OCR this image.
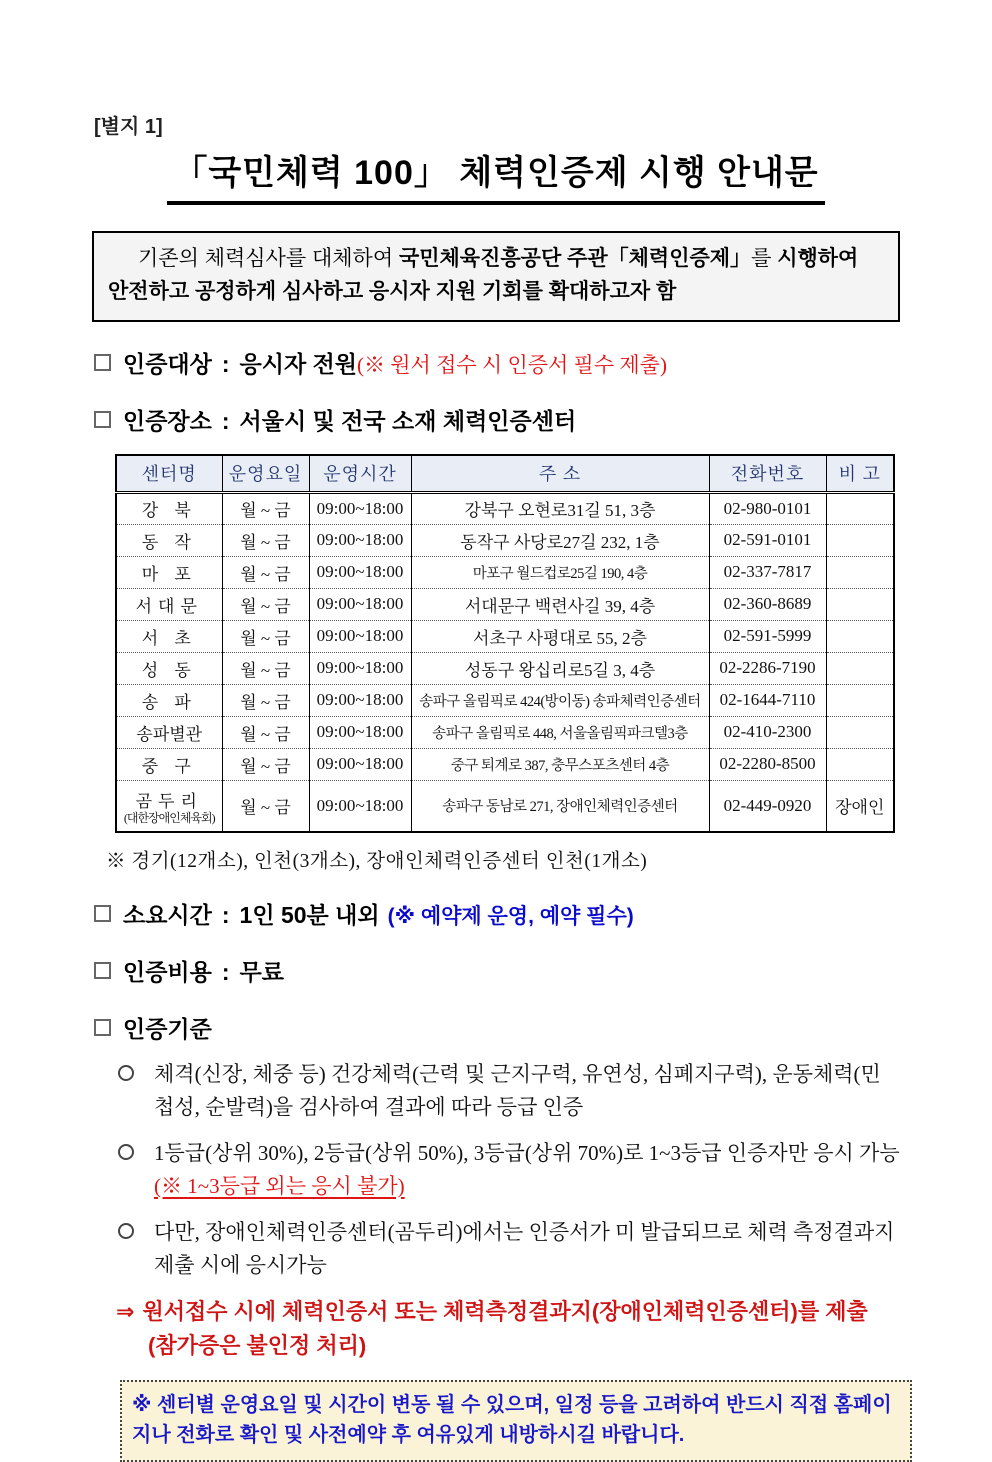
[별지 1]
「국민체력 100」 체력인증제 시행 안내문
기존의 체력심사를 대체하여 국민체육진흥공단 주관「체력인증제」를 시행하여 안전하고 공정하게 심사하고 응시자 지원 기회를 확대하고자 함
인증대상 : 응시자 전원 (※ 원서 접수 시 인증서 필수 제출)
인증장소 : 서울시 및 전국 소재 체력인증센터
센터명	운영요일	운영시간	주 소	전화번호	비 고
강 북	월 ~ 금	09:00~18:00	강북구 오현로31길 51, 3층	02-980-0101	
동 작	월 ~ 금	09:00~18:00	동작구 사당로27길 232, 1층	02-591-0101	
마 포	월 ~ 금	09:00~18:00	마포구 월드컵로25길 190, 4층	02-337-7817	
서대문	월 ~ 금	09:00~18:00	서대문구 백련사길 39, 4층	02-360-8689	
서 초	월 ~ 금	09:00~18:00	서초구 사평대로 55, 2층	02-591-5999	
성 동	월 ~ 금	09:00~18:00	성동구 왕십리로5길 3, 4층	02-2286-7190	
송 파	월 ~ 금	09:00~18:00	송파구 올림픽로 424(방이동) 송파체력인증센터	02-1644-7110	
송파별관	월 ~ 금	09:00~18:00	송파구 올림픽로 448, 서울올림픽파크텔3층	02-410-2300	
중 구	월 ~ 금	09:00~18:00	중구 퇴계로 387, 충무스포츠센터 4층	02-2280-8500	
곰두리
(대한장애인체육회)	월 ~ 금	09:00~18:00	송파구 동남로 271, 장애인체력인증센터	02-449-0920	장애인
※ 경기(12개소), 인천(3개소), 장애인체력인증센터 인천(1개소)
소요시간 : 1인 50분 내외 (※ 예약제 운영, 예약 필수)
인증비용 : 무료
인증기준
체격(신장, 체중 등) 건강체력(근력 및 근지구력, 유연성, 심폐지구력), 운동체력(민첩성, 순발력)을 검사하여 결과에 따라 등급 인증
1등급(상위 30%), 2등급(상위 50%), 3등급(상위 70%)로 1~3등급 인증자만 응시 가능(※ 1~3등급 외는 응시 불가)
다만, 장애인체력인증센터(곰두리)에서는 인증서가 미 발급되므로 체력 측정결과지 제출 시에 응시가능
⇒ 원서접수 시에 체력인증서 또는 체력측정결과지(장애인체력인증센터)를 제출
(참가증은 불인정 처리)
※ 센터별 운영요일 및 시간이 변동 될 수 있으며, 일정 등을 고려하여 반드시 직접 홈페이지나 전화로 확인 및 사전예약 후 여유있게 내방하시길 바랍니다.
